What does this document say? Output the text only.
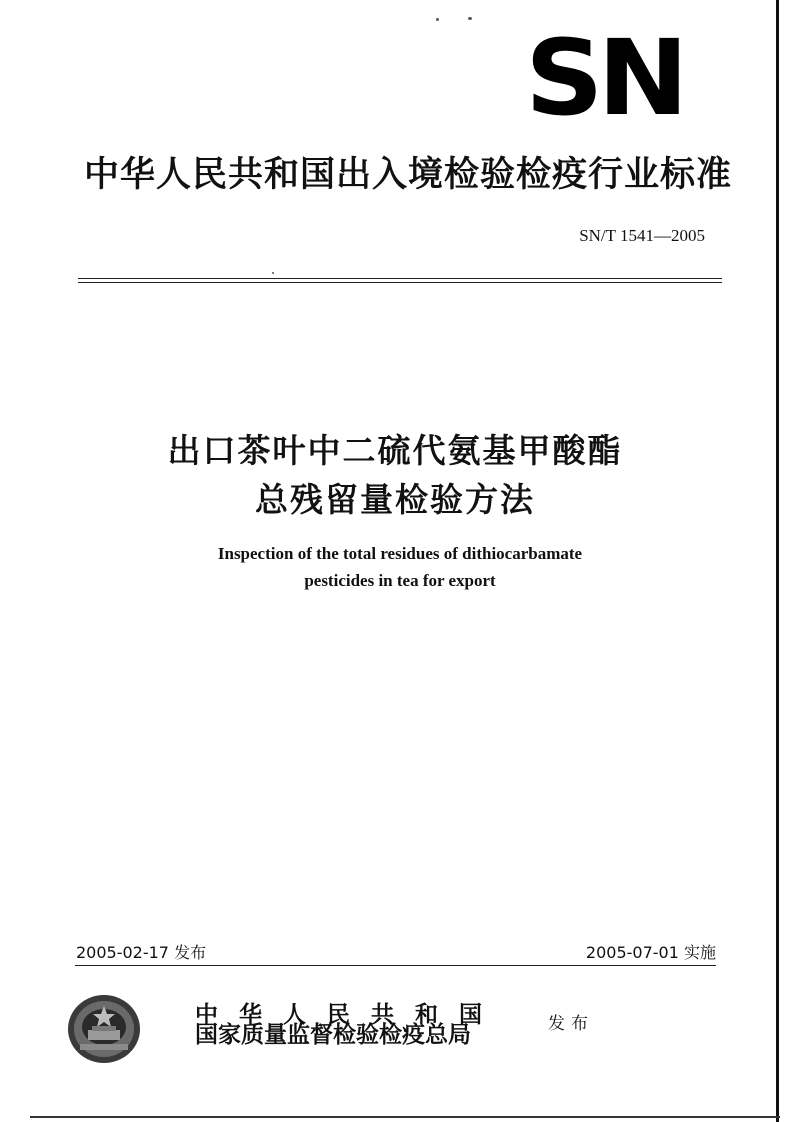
SN
中华人民共和国出入境检验检疫行业标准
SN/T 1541—2005
出口茶叶中二硫代氨基甲酸酯
总残留量检验方法
Inspection of the total residues of dithiocarbamate
pesticides in tea for export
2005-02-17 发布	2005-07-01 实施
中华人民共和国
国家质量监督检验检疫总局	发布
